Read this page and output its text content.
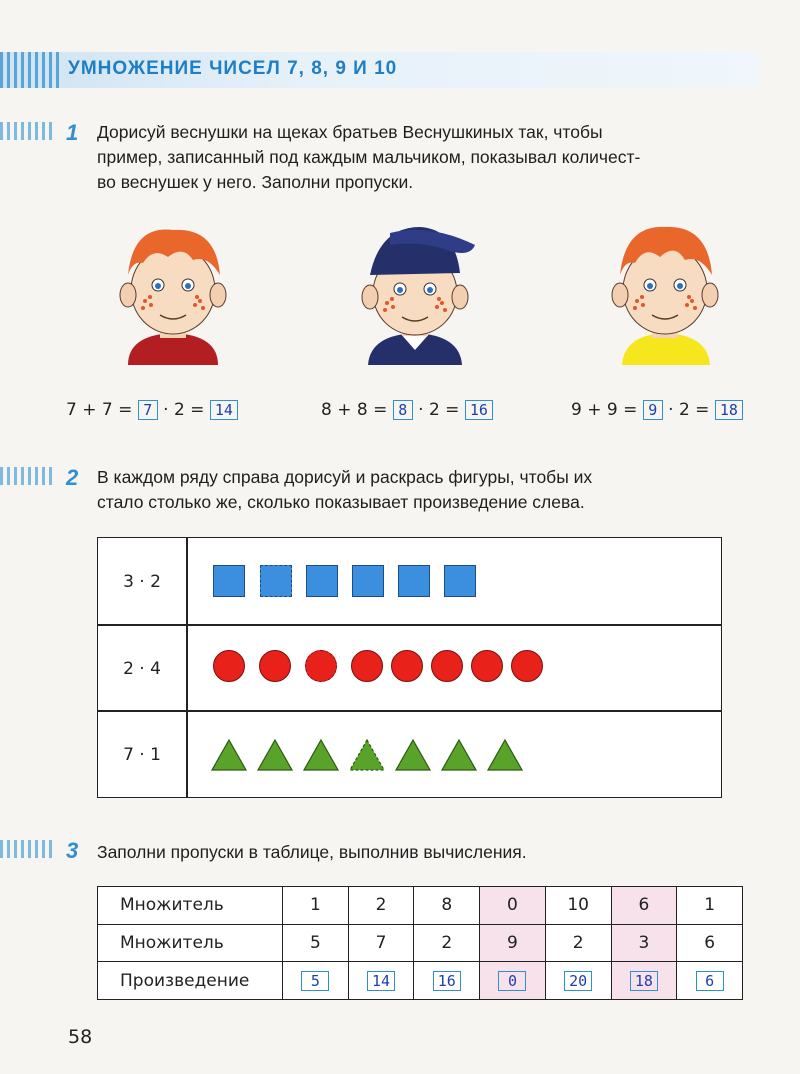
УМНОЖЕНИЕ ЧИСЕЛ 7, 8, 9 И 10
1 Дорисуй веснушки на щеках братьев Веснушкиных так, чтобы
пример, записанный под каждым мальчиком, показывал количест-
во веснушек у него. Заполни пропуски.
7 + 7 = 7 · 2 = 14	8 + 8 = 8 · 2 = 16	9 + 9 = 9 · 2 = 18
2 В каждом ряду справа дорисуй и раскрась фигуры, чтобы их
стало столько же, сколько показывает произведение слева.
3 · 2
2 · 4
7 · 1
3 Заполни пропуски в таблице, выполнив вычисления.
Множитель	1	2	8	0	10	6	1
Множитель	5	7	2	9	2	3	6
Произведение	5	14	16	0	20	18	6
58
